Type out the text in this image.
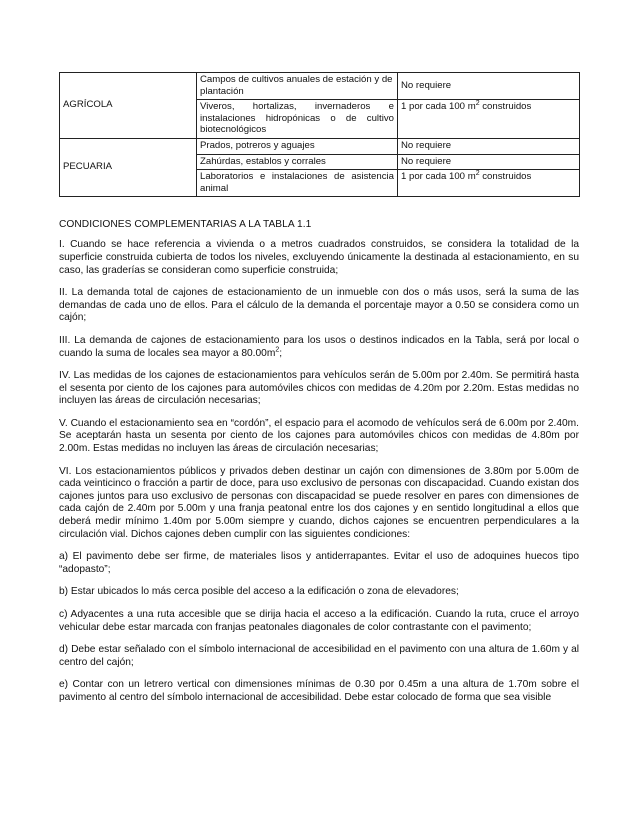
AGRÍCOLA	Campos de cultivos anuales de estación y de plantación	No requiere
	Viveros, hortalizas, invernaderos e instalaciones hidropónicas o de cultivo biotecnológicos	1 por cada 100 $m^2$ construidos
PECUARIA	Prados, potreros y aguajes	No requiere
	Zahúrdas, establos y corrales	No requiere
	Laboratorios e instalaciones de asistencia animal	1 por cada 100 $m^2$ construidos
CONDICIONES COMPLEMENTARIAS A LA TABLA 1.1

I. Cuando se hace referencia a vivienda o a metros cuadrados construidos, se considera la totalidad de la superficie construida cubierta de todos los niveles, excluyendo únicamente la destinada al estacionamiento, en su caso, las graderías se consideran como superficie construida;

II. La demanda total de cajones de estacionamiento de un inmueble con dos o más usos, será la suma de las demandas de cada uno de ellos. Para el cálculo de la demanda el porcentaje mayor a 0.50 se considera como un cajón;

III. La demanda de cajones de estacionamiento para los usos o destinos indicados en la Tabla, será por local o cuando la suma de locales sea mayor a $80.00m^2$;

IV. Las medidas de los cajones de estacionamientos para vehículos serán de 5.00m por 2.40m. Se permitirá hasta el sesenta por ciento de los cajones para automóviles chicos con medidas de 4.20m por 2.20m. Estas medidas no incluyen las áreas de circulación necesarias;

V. Cuando el estacionamiento sea en “cordón”, el espacio para el acomodo de vehículos será de 6.00m por 2.40m. Se aceptarán hasta un sesenta por ciento de los cajones para automóviles chicos con medidas de 4.80m por 2.00m. Estas medidas no incluyen las áreas de circulación necesarias;

VI. Los estacionamientos públicos y privados deben destinar un cajón con dimensiones de 3.80m por 5.00m de cada veinticinco o fracción a partir de doce, para uso exclusivo de personas con discapacidad. Cuando existan dos cajones juntos para uso exclusivo de personas con discapacidad se puede resolver en pares con dimensiones de cada cajón de 2.40m por 5.00m y una franja peatonal entre los dos cajones y en sentido longitudinal a ellos que deberá medir mínimo 1.40m por 5.00m siempre y cuando, dichos cajones se encuentren perpendiculares a la circulación vial. Dichos cajones deben cumplir con las siguientes condiciones:

a) El pavimento debe ser firme, de materiales lisos y antiderrapantes. Evitar el uso de adoquines huecos tipo “adopasto”;

b) Estar ubicados lo más cerca posible del acceso a la edificación o zona de elevadores;

c) Adyacentes a una ruta accesible que se dirija hacia el acceso a la edificación. Cuando la ruta, cruce el arroyo vehicular debe estar marcada con franjas peatonales diagonales de color contrastante con el pavimento;

d) Debe estar señalado con el símbolo internacional de accesibilidad en el pavimento con una altura de 1.60m y al centro del cajón;

e) Contar con un letrero vertical con dimensiones mínimas de 0.30 por 0.45m a una altura de 1.70m sobre el pavimento al centro del símbolo internacional de accesibilidad. Debe estar colocado de forma que sea visible
